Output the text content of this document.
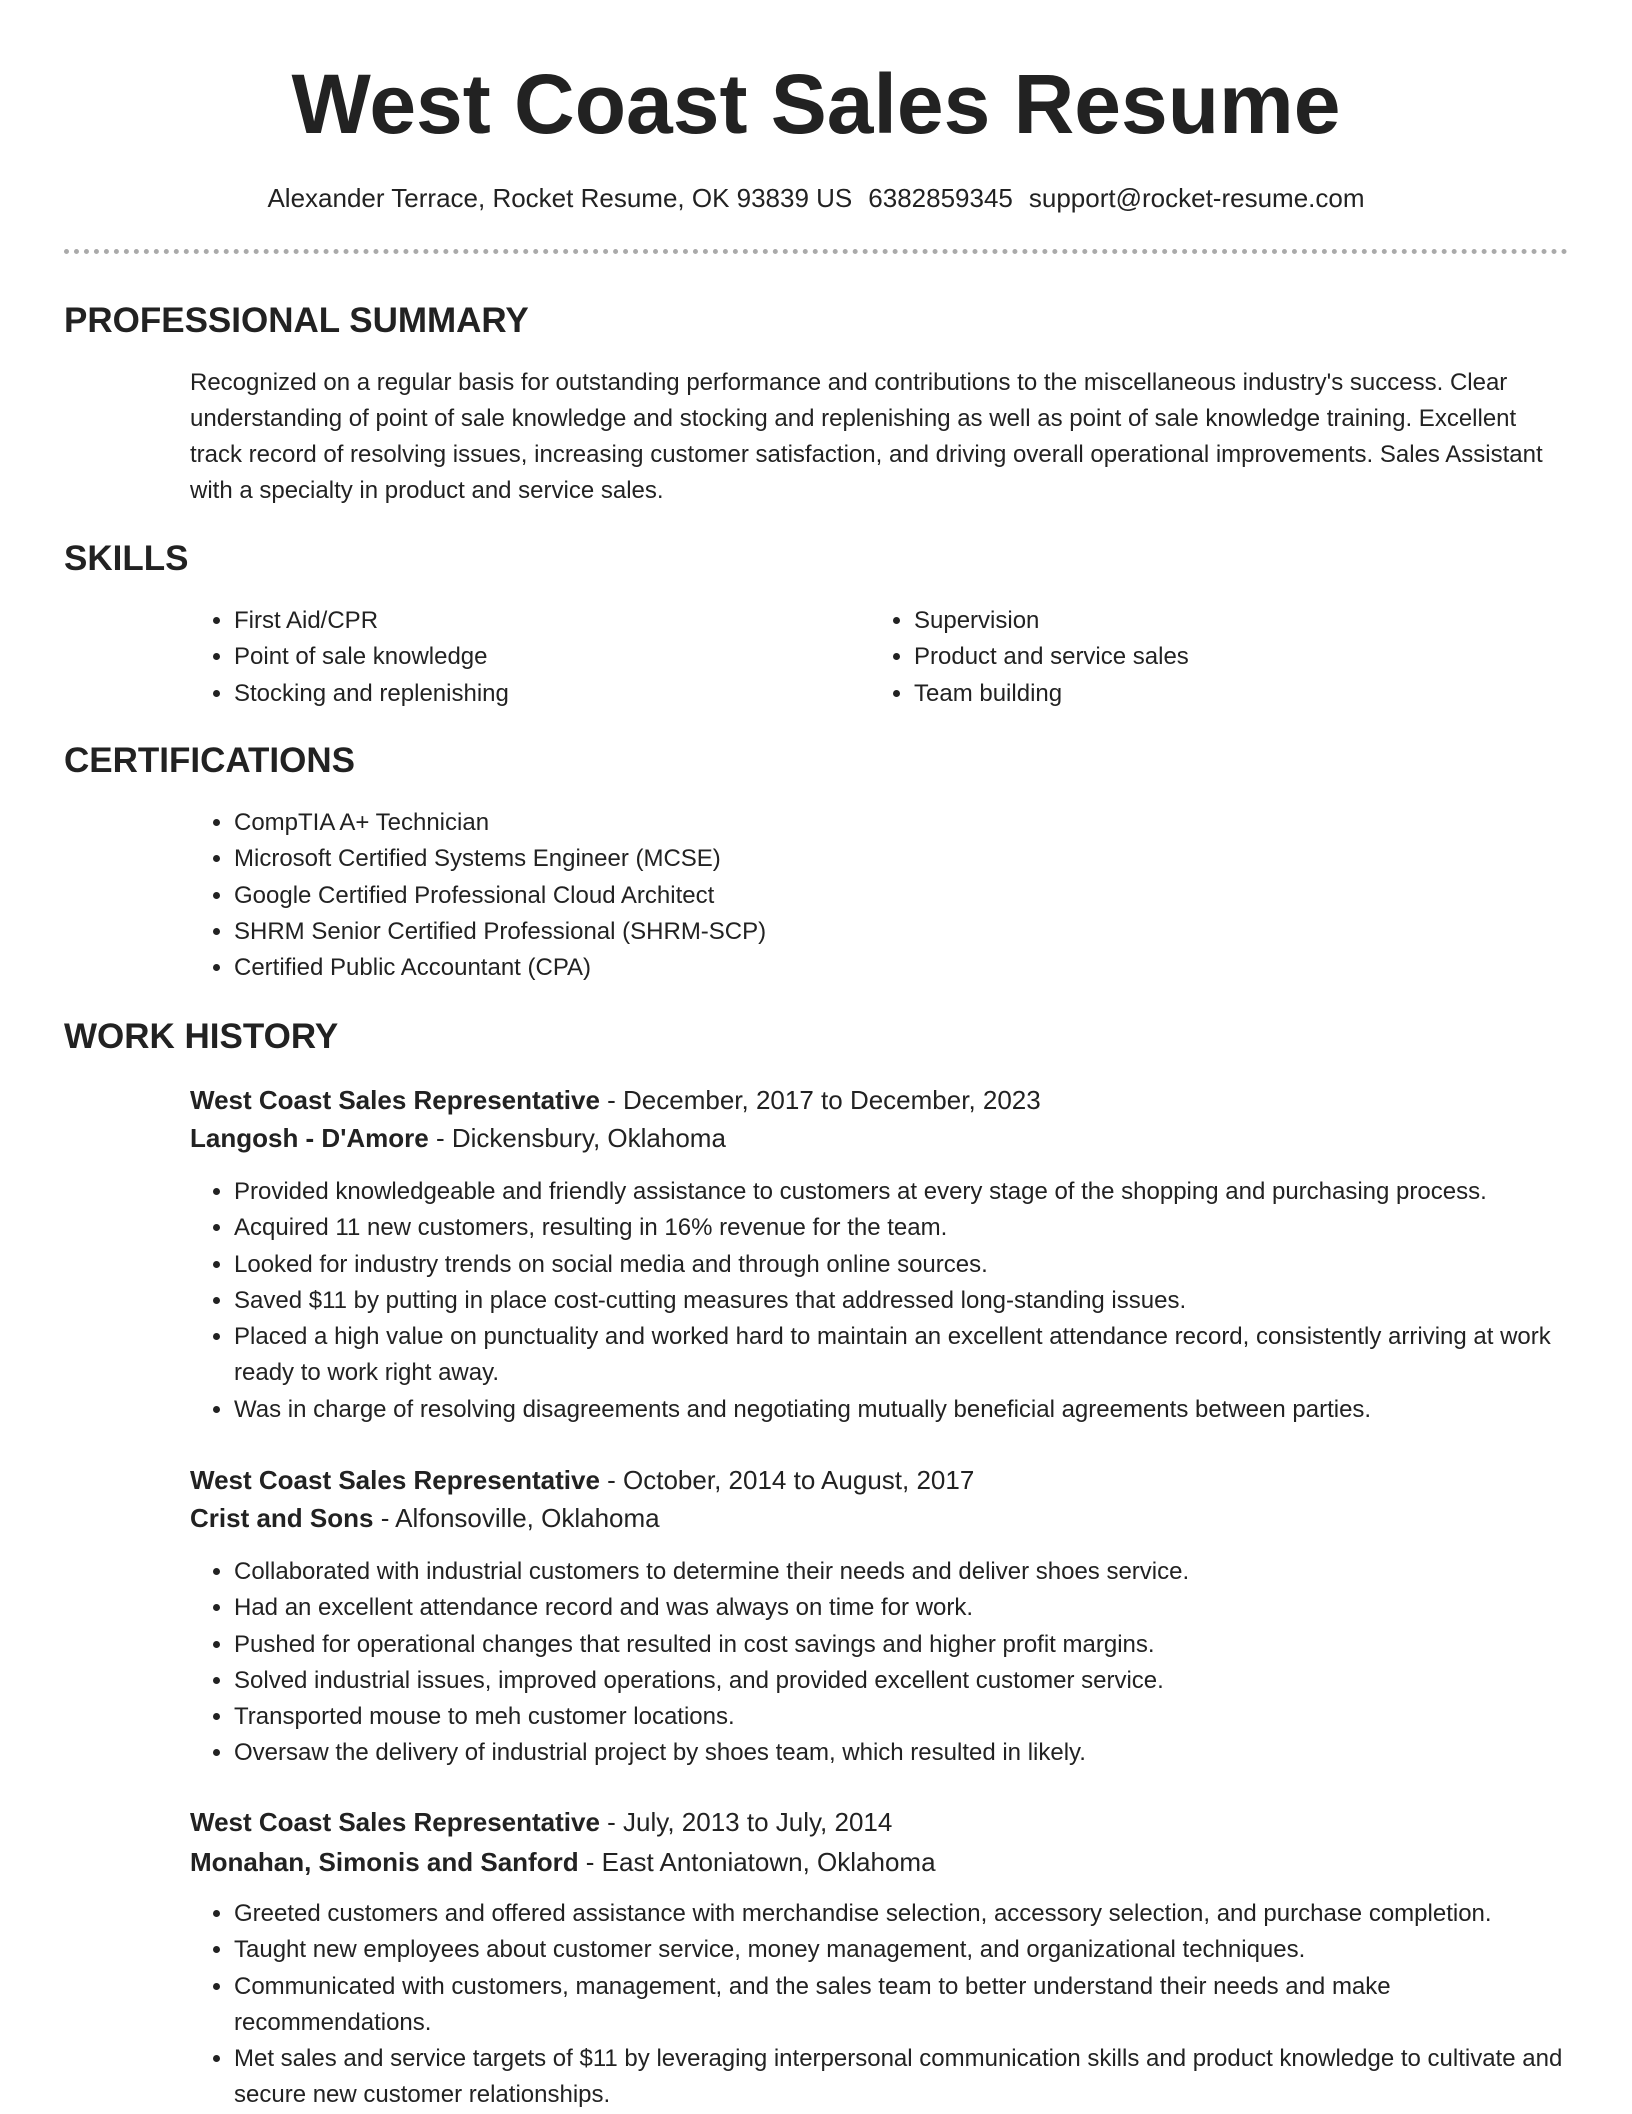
West Coast Sales Resume
Alexander Terrace, Rocket Resume, OK 93839 US 6382859345 support@rocket-resume.com
PROFESSIONAL SUMMARY

Recognized on a regular basis for outstanding performance and contributions to the miscellaneous industry's success. Clear understanding of point of sale knowledge and stocking and replenishing as well as point of sale knowledge training. Excellent track record of resolving issues, increasing customer satisfaction, and driving overall operational improvements. Sales Assistant with a specialty in product and service sales.

SKILLS
• First Aid/CPR
• Point of sale knowledge
• Stocking and replenishing
• Supervision
• Product and service sales
• Team building
CERTIFICATIONS
• CompTIA A+ Technician
• Microsoft Certified Systems Engineer (MCSE)
• Google Certified Professional Cloud Architect
• SHRM Senior Certified Professional (SHRM-SCP)
• Certified Public Accountant (CPA)
WORK HISTORY
West Coast Sales Representative - December, 2017 to December, 2023
Langosh - D'Amore - Dickensbury, Oklahoma
• Provided knowledgeable and friendly assistance to customers at every stage of the shopping and purchasing process.
• Acquired 11 new customers, resulting in 16% revenue for the team.
• Looked for industry trends on social media and through online sources.
• Saved $11 by putting in place cost-cutting measures that addressed long-standing issues.
• Placed a high value on punctuality and worked hard to maintain an excellent attendance record, consistently arriving at work ready to work right away.
• Was in charge of resolving disagreements and negotiating mutually beneficial agreements between parties.
West Coast Sales Representative - October, 2014 to August, 2017
Crist and Sons - Alfonsoville, Oklahoma
• Collaborated with industrial customers to determine their needs and deliver shoes service.
• Had an excellent attendance record and was always on time for work.
• Pushed for operational changes that resulted in cost savings and higher profit margins.
• Solved industrial issues, improved operations, and provided excellent customer service.
• Transported mouse to meh customer locations.
• Oversaw the delivery of industrial project by shoes team, which resulted in likely.
West Coast Sales Representative - July, 2013 to July, 2014
Monahan, Simonis and Sanford - East Antoniatown, Oklahoma
• Greeted customers and offered assistance with merchandise selection, accessory selection, and purchase completion.
• Taught new employees about customer service, money management, and organizational techniques.
• Communicated with customers, management, and the sales team to better understand their needs and make recommendations.
• Met sales and service targets of $11 by leveraging interpersonal communication skills and product knowledge to cultivate and secure new customer relationships.
